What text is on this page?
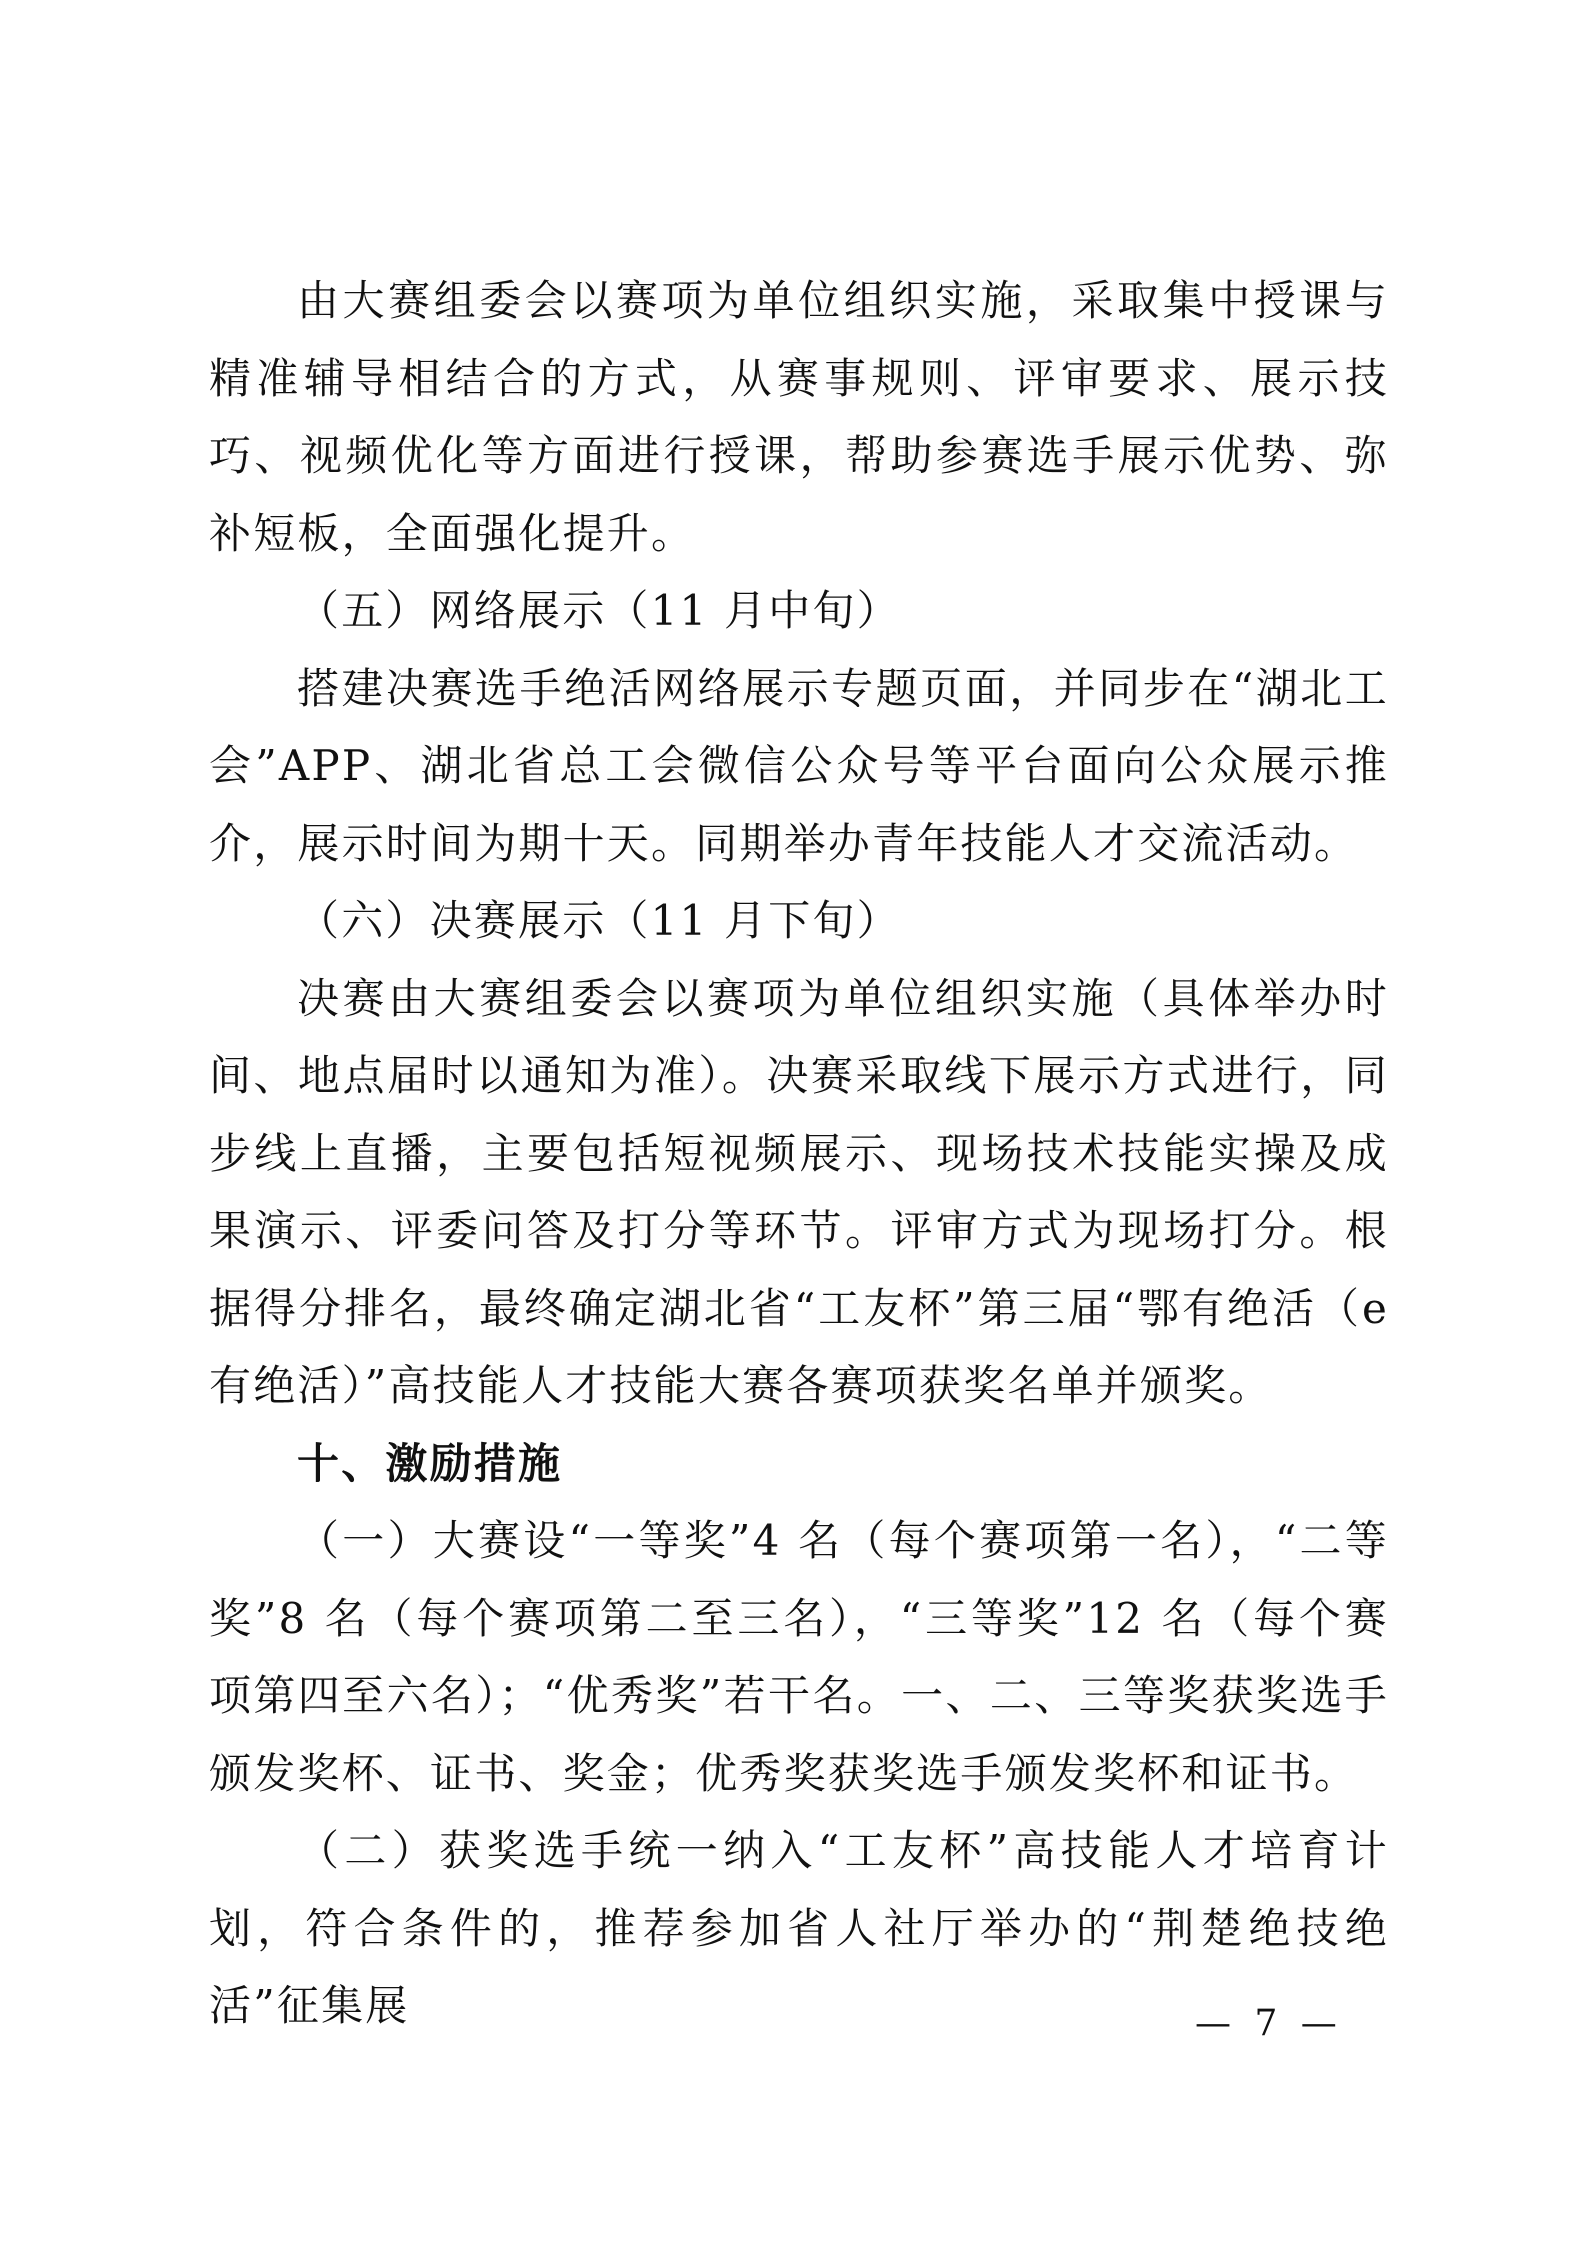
由大赛组委会以赛项为单位组织实施，采取集中授课与精准辅导相结合的方式，从赛事规则、评审要求、展示技巧、视频优化等方面进行授课，帮助参赛选手展示优势、弥补短板，全面强化提升。

（五）网络展示（11 月中旬）

搭建决赛选手绝活网络展示专题页面，并同步在“湖北工会”APP、湖北省总工会微信公众号等平台面向公众展示推介，展示时间为期十天。同期举办青年技能人才交流活动。

（六）决赛展示（11 月下旬）

决赛由大赛组委会以赛项为单位组织实施（具体举办时间、地点届时以通知为准）。决赛采取线下展示方式进行，同步线上直播，主要包括短视频展示、现场技术技能实操及成果演示、评委问答及打分等环节。评审方式为现场打分。根据得分排名，最终确定湖北省“工友杯”第三届“鄂有绝活（e 有绝活）”高技能人才技能大赛各赛项获奖名单并颁奖。

十、激励措施

（一）大赛设“一等奖”4 名（每个赛项第一名），“二等奖”8 名（每个赛项第二至三名），“三等奖”12 名（每个赛项第四至六名）；“优秀奖”若干名。一、二、三等奖获奖选手颁发奖杯、证书、奖金；优秀奖获奖选手颁发奖杯和证书。

（二）获奖选手统一纳入“工友杯”高技能人才培育计划，符合条件的，推荐参加省人社厅举办的“荆楚绝技绝活”征集展	— 7 —
